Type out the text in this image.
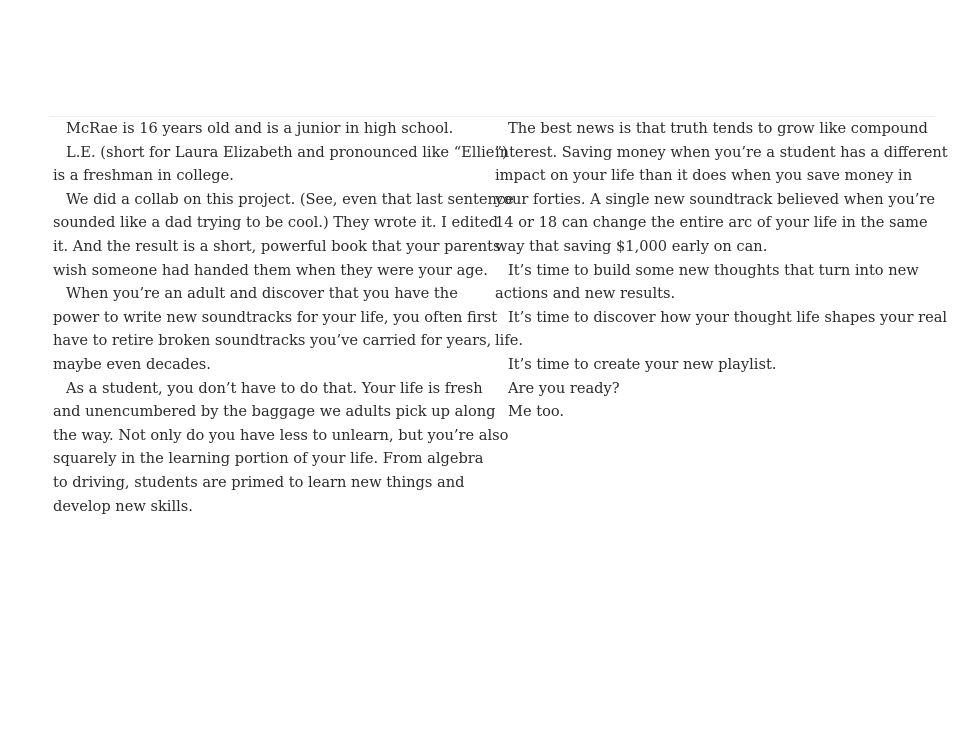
McRae is 16 years old and is a junior in high school.
L.E. (short for Laura Elizabeth and pronounced like “Ellie”)
is a freshman in college.
We did a collab on this project. (See, even that last sentence
sounded like a dad trying to be cool.) They wrote it. I edited
it. And the result is a short, powerful book that your parents
wish someone had handed them when they were your age.
When you’re an adult and discover that you have the
power to write new soundtracks for your life, you often first
have to retire broken soundtracks you’ve carried for years,
maybe even decades.
As a student, you don’t have to do that. Your life is fresh
and unencumbered by the baggage we adults pick up along
the way. Not only do you have less to unlearn, but you’re also
squarely in the learning portion of your life. From algebra
to driving, students are primed to learn new things and
develop new skills.
The best news is that truth tends to grow like compound
interest. Saving money when you’re a student has a different
impact on your life than it does when you save money in
your forties. A single new soundtrack believed when you’re
14 or 18 can change the entire arc of your life in the same
way that saving $1,000 early on can.
It’s time to build some new thoughts that turn into new
actions and new results.
It’s time to discover how your thought life shapes your real
life.
It’s time to create your new playlist.
Are you ready?
Me too.
